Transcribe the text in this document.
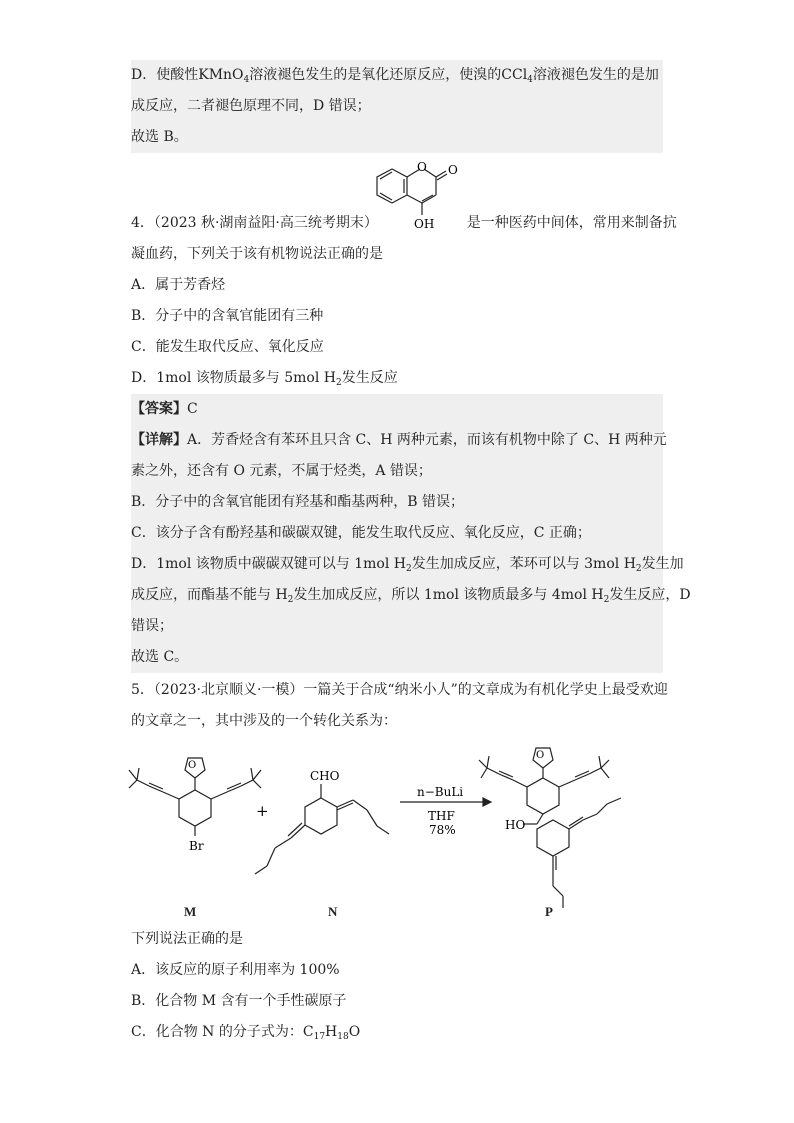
D．使酸性KMnO$_4$溶液褪色发生的是氧化还原反应，使溴的CCl$_4$溶液褪色发生的是加
成反应，二者褪色原理不同，D 错误；
故选 B。
O O
OH
4．（2023 秋·湖南益阳·高三统考期末）	是一种医药中间体，常用来制备抗
凝血药，下列关于该有机物说法正确的是
A．属于芳香烃
B．分子中的含氧官能团有三种
C．能发生取代反应、氧化反应
D．1mol 该物质最多与 5mol $H_2$发生反应
【答案】C
【详解】A．芳香烃含有苯环且只含 C、H 两种元素，而该有机物中除了 C、H 两种元
素之外，还含有 O 元素，不属于烃类，A 错误；
B．分子中的含氧官能团有羟基和酯基两种，B 错误；
C．该分子含有酚羟基和碳碳双键，能发生取代反应、氧化反应，C 正确；
D．1mol 该物质中碳碳双键可以与 1mol $H_2$发生加成反应，苯环可以与 3mol $H_2$发生加
成反应，而酯基不能与 $H_2$发生加成反应，所以 1mol 该物质最多与 4mol $H_2$发生反应，D
错误；
故选 C。
5．（2023·北京顺义·一模）一篇关于合成“纳米小人”的文章成为有机化学史上最受欢迎
的文章之一，其中涉及的一个转化关系为：
Br
O
CHO
+
n−BuLi
THF
78%
O
HO
M	N	P
下列说法正确的是
A．该反应的原子利用率为 100%
B．化合物 M 含有一个手性碳原子
C．化合物 N 的分子式为：$C_{17}H_{18}O$
